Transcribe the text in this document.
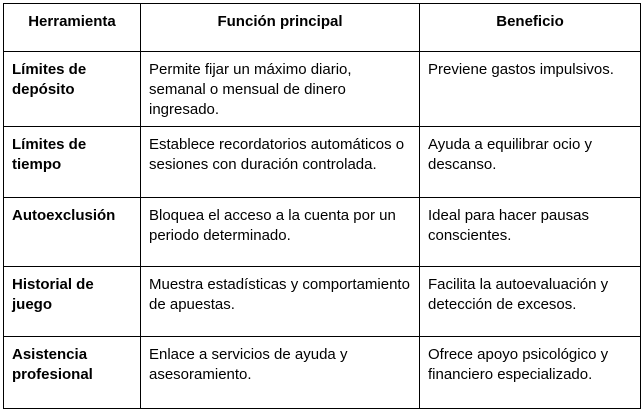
Herramienta	Función principal	Beneficio
Límites de depósito	Permite fijar un máximo diario, semanal o mensual de dinero ingresado.	Previene gastos impulsivos.
Límites de tiempo	Establece recordatorios automáticos o sesiones con duración controlada.	Ayuda a equilibrar ocio y descanso.
Autoexclusión	Bloquea el acceso a la cuenta por un periodo determinado.	Ideal para hacer pausas conscientes.
Historial de juego	Muestra estadísticas y comportamiento de apuestas.	Facilita la autoevaluación y detección de excesos.
Asistencia profesional	Enlace a servicios de ayuda y asesoramiento.	Ofrece apoyo psicológico y financiero especializado.
